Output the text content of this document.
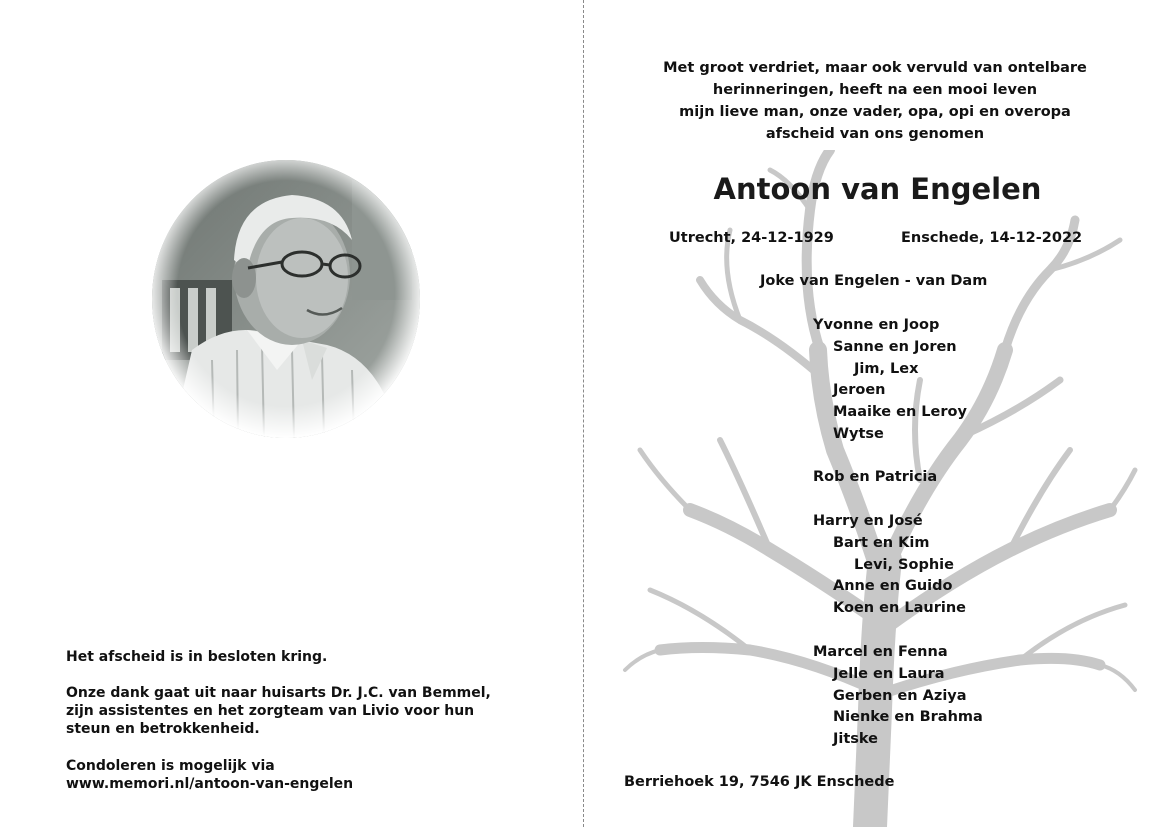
Het afscheid is in besloten kring.
Onze dank gaat uit naar huisarts Dr. J.C. van Bemmel,
zijn assistentes en het zorgteam van Livio voor hun
steun en betrokkenheid.
Condoleren is mogelijk via
www.memori.nl/antoon-van-engelen
Met groot verdriet, maar ook vervuld van ontelbare
herinneringen, heeft na een mooi leven
mijn lieve man, onze vader, opa, opi en overopa
afscheid van ons genomen
Antoon van Engelen
Utrecht, 24-12-1929	Enschede, 14-12-2022
Joke van Engelen - van Dam
Yvonne en Joop
Sanne en Joren
Jim, Lex
Jeroen
Maaike en Leroy
Wytse
Rob en Patricia
Harry en José
Bart en Kim
Levi, Sophie
Anne en Guido
Koen en Laurine
Marcel en Fenna
Jelle en Laura
Gerben en Aziya
Nienke en Brahma
Jitske
Berriehoek 19, 7546 JK Enschede
